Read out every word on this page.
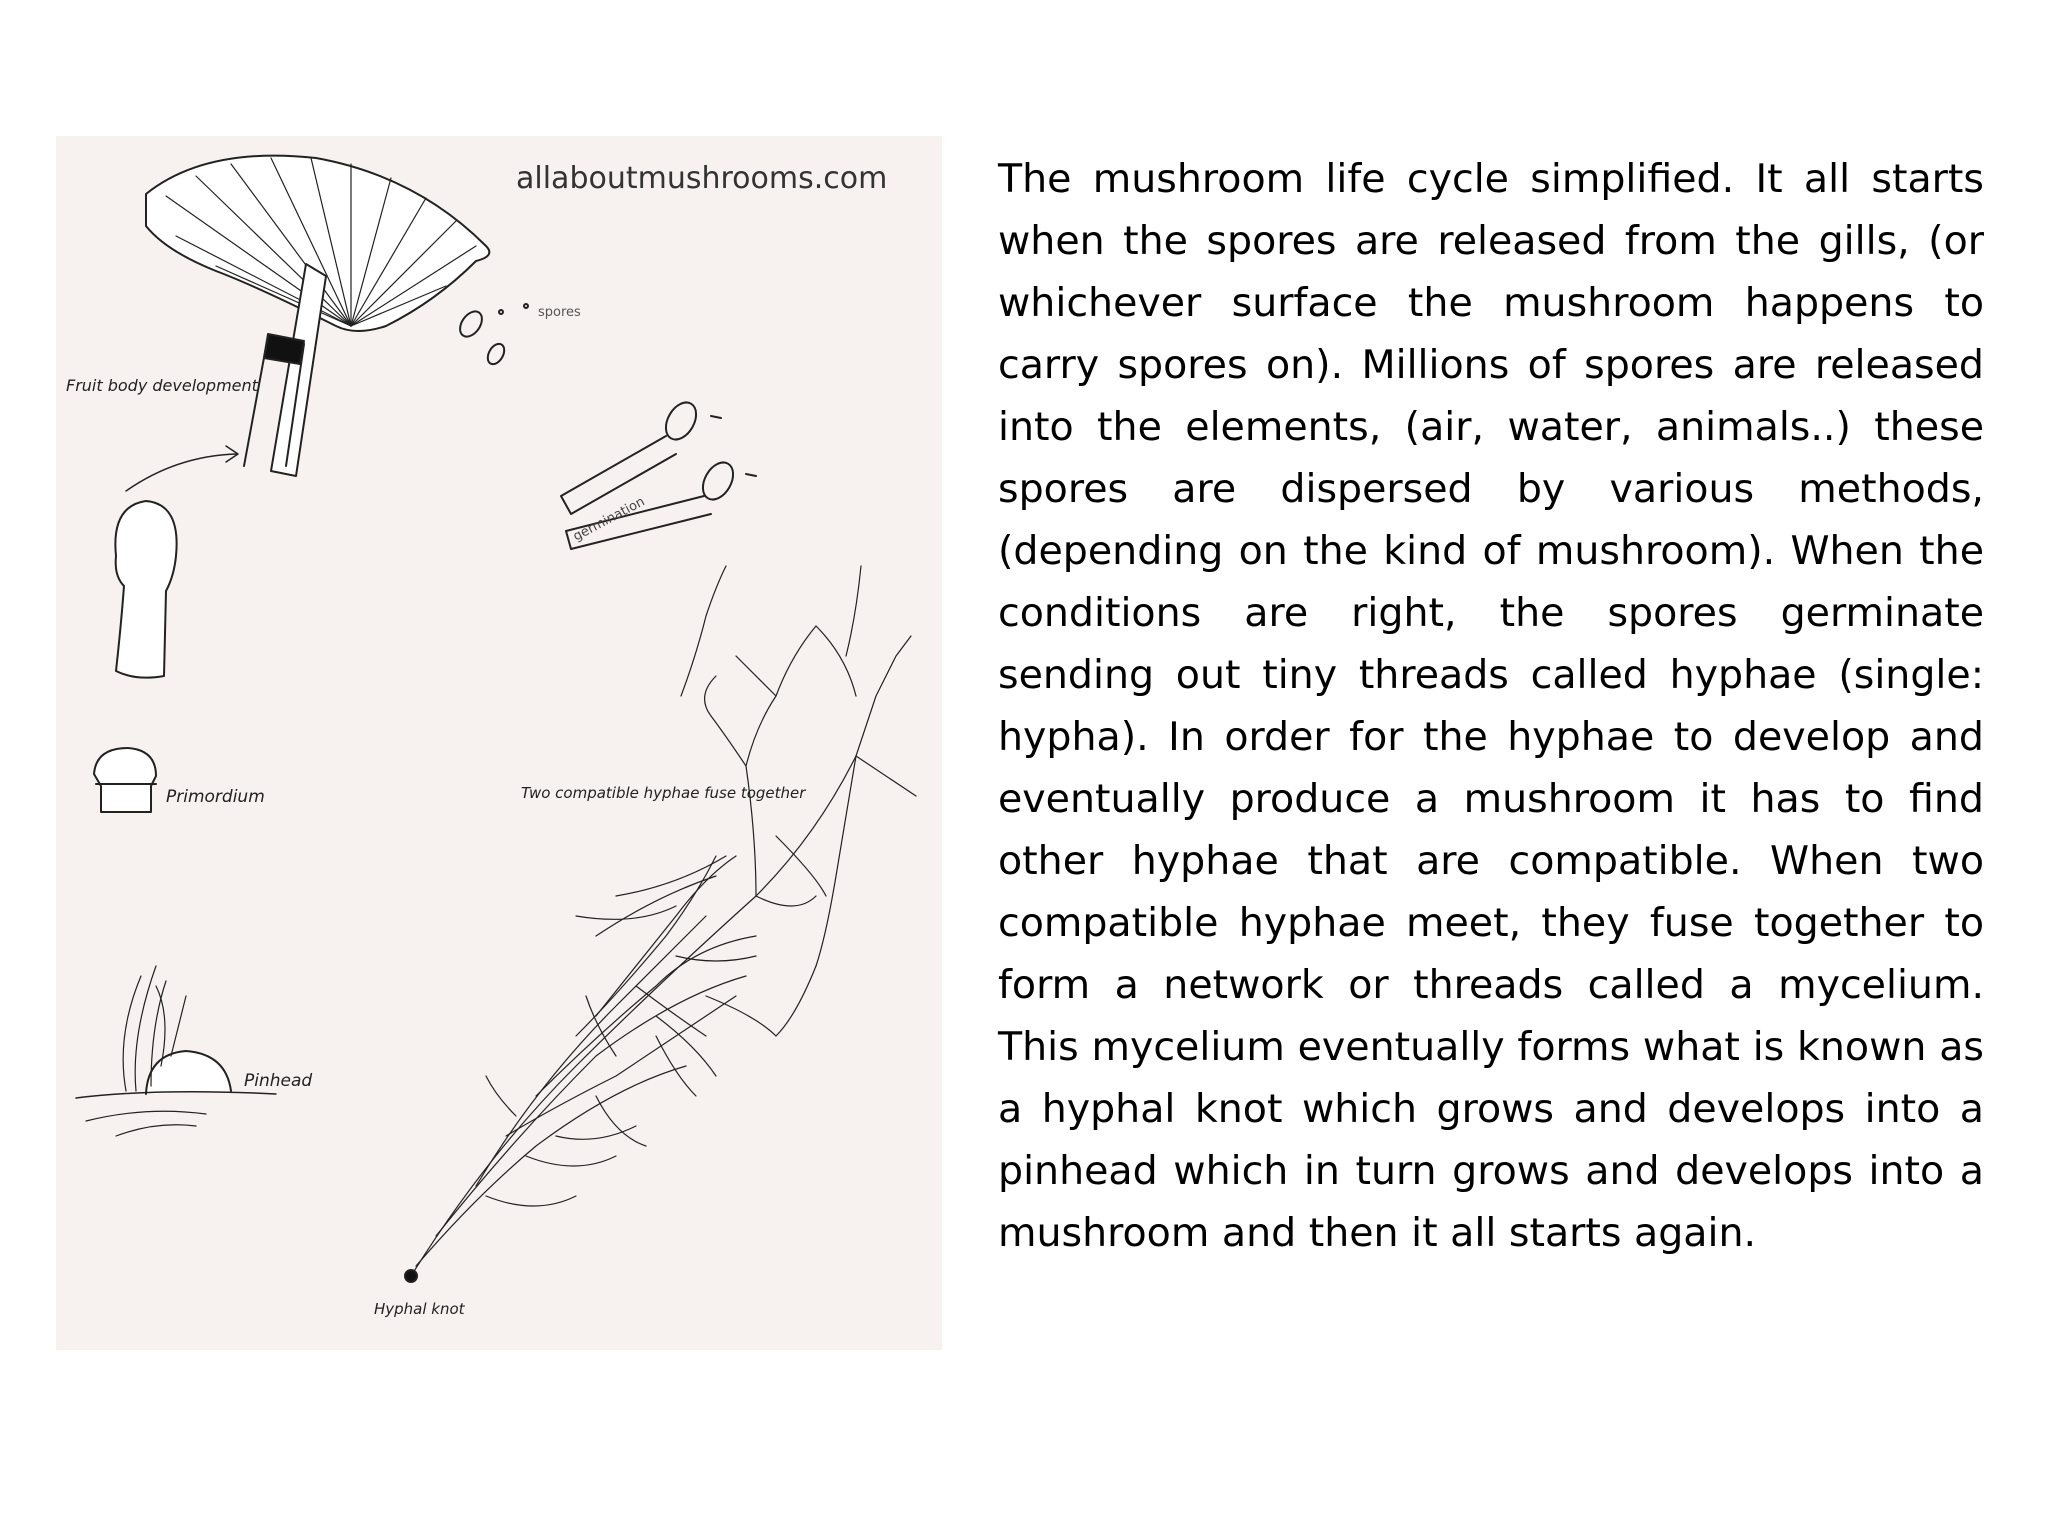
allaboutmushrooms.com
spores
germination
Fruit body development
Primordium	Two compatible hyphae fuse together
Pinhead
Hyphal knot

The mushroom life cycle simplified. It all starts when the spores are released from the gills, (or whichever surface the mushroom happens to carry spores on). Millions of spores are released into the elements, (air, water, animals..) these spores are dispersed by various methods, (depending on the kind of mushroom). When the conditions are right, the spores germinate sending out tiny threads called hyphae (single: hypha). In order for the hyphae to develop and eventually produce a mushroom it has to find other hyphae that are compatible. When two compatible hyphae meet, they fuse together to form a network or threads called a mycelium. This mycelium eventually forms what is known as a hyphal knot which grows and develops into a pinhead which in turn grows and develops into a mushroom and then it all starts again.
